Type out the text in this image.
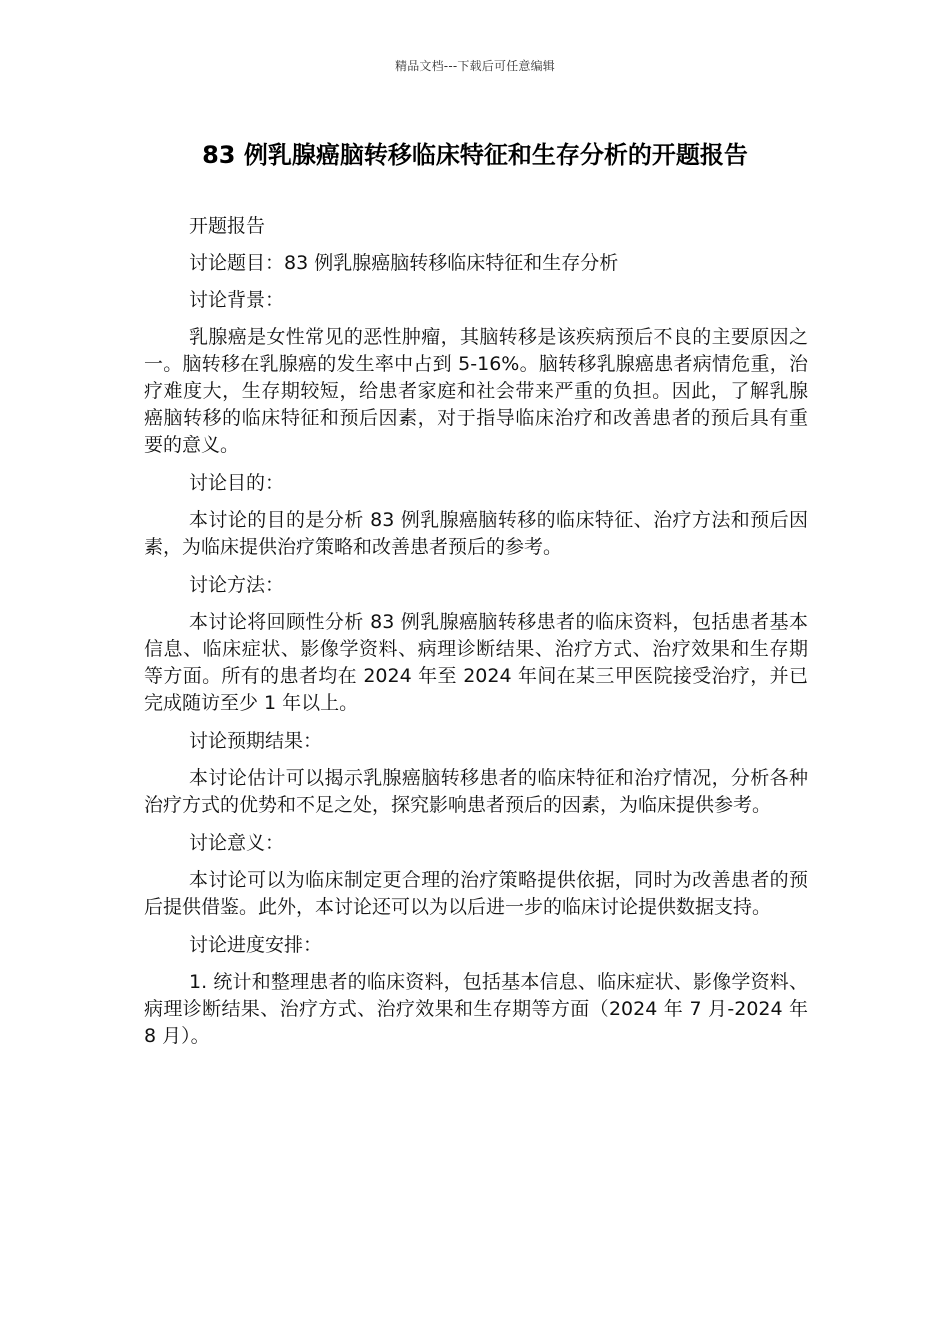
精品文档---下载后可任意编辑
83 例乳腺癌脑转移临床特征和生存分析的开题报告

开题报告

讨论题目：83 例乳腺癌脑转移临床特征和生存分析

讨论背景：

乳腺癌是女性常见的恶性肿瘤，其脑转移是该疾病预后不良的主要原因之一。脑转移在乳腺癌的发生率中占到 5-16%。脑转移乳腺癌患者病情危重，治疗难度大，生存期较短，给患者家庭和社会带来严重的负担。因此，了解乳腺癌脑转移的临床特征和预后因素，对于指导临床治疗和改善患者的预后具有重要的意义。

讨论目的：

本讨论的目的是分析 83 例乳腺癌脑转移的临床特征、治疗方法和预后因素，为临床提供治疗策略和改善患者预后的参考。

讨论方法：

本讨论将回顾性分析 83 例乳腺癌脑转移患者的临床资料，包括患者基本信息、临床症状、影像学资料、病理诊断结果、治疗方式、治疗效果和生存期等方面。所有的患者均在 2024 年至 2024 年间在某三甲医院接受治疗，并已完成随访至少 1 年以上。

讨论预期结果：

本讨论估计可以揭示乳腺癌脑转移患者的临床特征和治疗情况，分析各种治疗方式的优势和不足之处，探究影响患者预后的因素，为临床提供参考。

讨论意义：

本讨论可以为临床制定更合理的治疗策略提供依据，同时为改善患者的预后提供借鉴。此外，本讨论还可以为以后进一步的临床讨论提供数据支持。

讨论进度安排：

1. 统计和整理患者的临床资料，包括基本信息、临床症状、影像学资料、病理诊断结果、治疗方式、治疗效果和生存期等方面（2024 年 7 月-2024 年 8 月）。
